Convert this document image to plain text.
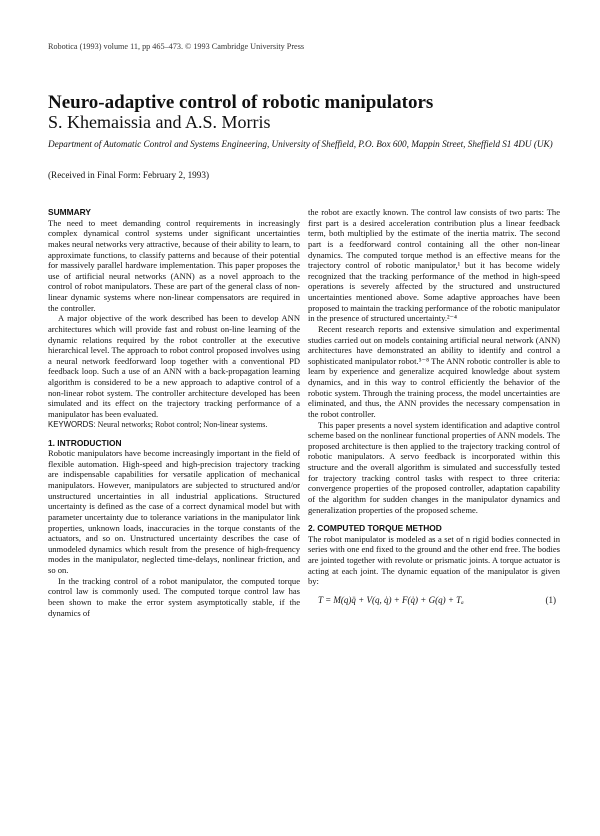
Robotica (1993) volume 11, pp 465–473. © 1993 Cambridge University Press
Neuro-adaptive control of robotic manipulators
S. Khemaissia and A.S. Morris
Department of Automatic Control and Systems Engineering, University of Sheffield, P.O. Box 600, Mappin Street, Sheffield S1 4DU (UK)
(Received in Final Form: February 2, 1993)
SUMMARY

The need to meet demanding control requirements in increasingly complex dynamical control systems under significant uncertainties makes neural networks very attractive, because of their ability to learn, to approximate functions, to classify patterns and because of their potential for massively parallel hardware implementation. This paper proposes the use of artificial neural networks (ANN) as a novel approach to the control of robot manipulators. These are part of the general class of non-linear dynamic systems where non-linear compensators are required in the controller.

A major objective of the work described has been to develop ANN architectures which will provide fast and robust on-line learning of the dynamic relations required by the robot controller at the executive hierarchical level. The approach to robot control proposed involves using a neural network feedforward loop together with a conventional PD feedback loop. Such a use of an ANN with a back-propagation learning algorithm is considered to be a new approach to adaptive control of a non-linear robot system. The controller architecture developed has been simulated and its effect on the trajectory tracking performance of a manipulator has been evaluated.

KEYWORDS: Neural networks; Robot control; Non-linear systems.

1. INTRODUCTION

Robotic manipulators have become increasingly important in the field of flexible automation. High-speed and high-precision trajectory tracking are indispensable capabilities for versatile application of mechanical manipulators. However, manipulators are subjected to structured and/or unstructured uncertainties in all industrial applications. Structured uncertainty is defined as the case of a correct dynamical model but with parameter uncertainty due to tolerance variations in the manipulator link properties, unknown loads, inaccuracies in the torque constants of the actuators, and so on. Unstructured uncertainty describes the case of unmodeled dynamics which result from the presence of high-frequency modes in the manipulator, neglected time-delays, nonlinear friction, and so on.

In the tracking control of a robot manipulator, the computed torque control law is commonly used. The computed torque control law has been shown to make the error system asymptotically stable, if the dynamics of

the robot are exactly known. The control law consists of two parts: The first part is a desired acceleration contribution plus a linear feedback term, both multiplied by the estimate of the inertia matrix. The second part is a feedforward control containing all the other non-linear dynamics. The computed torque method is an effective means for the trajectory control of robotic manipulator,¹ but it has become widely recognized that the tracking performance of the method in high-speed operations is severely affected by the structured and unstructured uncertainties mentioned above. Some adaptive approaches have been proposed to maintain the tracking performance of the robotic manipulator in the presence of structured uncertainty.²⁻⁴

Recent research reports and extensive simulation and experimental studies carried out on models containing artificial neural network (ANN) architectures have demonstrated an ability to identify and control a sophisticated manipulator robot.⁵⁻⁸ The ANN robotic controller is able to learn by experience and generalize acquired knowledge about system dynamics, and in this way to control efficiently the behavior of the robotic system. Through the training process, the model uncertainties are eliminated, and thus, the ANN provides the necessary compensation in the robot controller.

This paper presents a novel system identification and adaptive control scheme based on the nonlinear functional properties of ANN models. The proposed architecture is then applied to the trajectory tracking control of robotic manipulators. A servo feedback is incorporated within this structure and the overall algorithm is simulated and successfully tested for trajectory tracking control tasks with respect to three criteria: convergence properties of the proposed controller, adaptation capability of the algorithm for sudden changes in the manipulator dynamics and generalization properties of the proposed scheme.

2. COMPUTED TORQUE METHOD

The robot manipulator is modeled as a set of n rigid bodies connected in series with one end fixed to the ground and the other end free. The bodies are jointed together with revolute or prismatic joints. A torque actuator is acting at each joint. The dynamic equation of the manipulator is given by:

T = M(q)q̈ + V(q, q̇) + F(q̇) + G(q) + Tₐ	(1)
